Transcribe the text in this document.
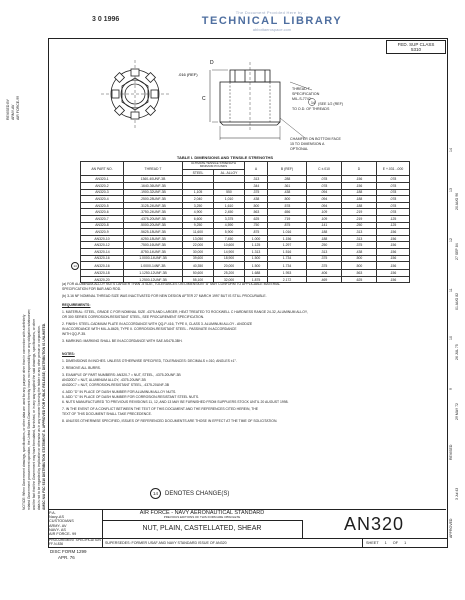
The Document Provided Here by ...
TECHNICAL LIBRARY
abbottaerospace.com
3 0 1996
NOTICE: When Government drawings, specifications, or other data are used for any purpose other than in connection with a definitely related Government procurement operation, the United States Government thereby incurs no responsibility nor any obligation whatsoever; and the fact that the Government may have formulated, furnished, or in any way supplied the said drawings, specifications, or other data is not to be regarded by implication or otherwise as in any manner licensing the holder or any other person or corporation. AMSC N/A FSC 5310 DISTRIBUTION STATEMENT A. APPROVED FOR PUBLIC RELEASE; DISTRIBUTION IS UNLIMITED.
REVISED BY ARMY-AV AIR FORCE-99
APPROVED
3 Jul 43
REVISED
29 MAY 72
26 JUL 75
01 AUG 82
27 SEP 84
20 AUG 96
9
10
11
12
13
14
FED. SUP CLASS
5310
D
.016 (REF)
C
14
THREAD T
SPECIFICATION
MIL-S-7742
(SEE 1/2 (REF)
TO O.D. OF THREADS
CHAMFER ON BOTTOM FACE
15 TO DIMENSION A
OPTIONAL
TABLE I. DIMENSIONS AND TENSILE STRENGTHS
	AN PART NO.	THREAD T	ULTIMATE TENSILE STRENGTH MINIMUM POUNDS		A	B (REF)	C ±.010	D	E +.031 -.000
			STEEL	AL. ALLOY					
	AN320-1	1360-40UNF-3B			.313	.288	.078	.156	.078
	AN320-2	.1640-36UNF-3B			.344	.361	.078	.156	.078
	AN320-3	.1900-32UNF-3B	1,105	550	.375	.438	.094	.188	.078
	AN320-4	.2500-28UNF-3B	2,040	1,010	.438	.500	.094	.188	.078
	AN320-5	.3125-24UNF-3B	3,250	1,610	.500	.578	.094	.188	.078
	AN320-6	.3750-24UNF-3B	4,900	2,450	.563	.656	.109	.219	.078
	AN320-7	.4375-20UNF-3B	6,600	3,375	.625	.719	.109	.219	.125
	AN320-8	.5000-20UNF-3B	9,250	4,590	.750	.875	.141	.250	.125
	AN320-9	.5625-18UNF-3B	11,600	5,900	.875	1.016	.188	.313	.156
	AN320-10	.6250-18UNF-3B	13,050	7,450	1.000	1.156	.188	.313	.156
	AN320-12	.7500-16UNF-3B	22,000	10,600	1.125	1.297	.250	.375	.156
	AN320-14	.8750-14UNF-3B	30,000	14,900	1.313	1.516	.313	.438	.156
	AN320-16	1.0000-14UNF-3B	39,600	18,900	1.500	1.734	.375	.500	.156
14	AN320-16	1.0000-14NF-3B	40,350	20,000	1.500	1.734	.375	.500	.156
	AN320-18	1.1250-12UNF-3B	50,600	25,200	1.688	1.953	.406	.563	.156
	AN320-20	1.2500-12UNF-3B	55,100	32,000	1.875	2.172	.469	.625	.156
(a) FOR ALUMINUM-ALLOY NUTS LARGER THAN -5 SIZE, TOLERANCES ON DIMENSION "A" MAY CONFORM TO APPLICABLE MATERIAL
SPECIFICATION FOR BAR AND ROD.
(b) 3-16 NF NOMINAL THREAD SIZE WAS INACTIVATED FOR NEW DESIGN AFTER 27 MARCH 1997 BUT IS STILL PROCURABLE.
REQUIREMENTS:
1. MATERIAL: STEEL, GRADE C FOR NOMINAL SIZE .4375 AND LARGER, HEAT TREATED TO ROCKWELL C HARDNESS RANGE 24-32, ALUMINUM ALLOY,
OR 300 SERIES CORROSION-RESISTANT STEEL, SEE PROCUREMENT SPECIFICATION.
2. FINISH: STEEL-CADMIUM PLATE IN ACCORDANCE WITH QQ-P-416, TYPE II, CLASS 3. ALUMINUM ALLOY - ANODIZE
IN ACCORDANCE WITH MIL-A-8625, TYPE II. CORROSION-RESISTANT STEEL - PASSIVATE IN ACCORDANCE
WITH QQ-P-35.
3. MARKING: MARKING SHALL BE IN ACCORDANCE WITH SAE AS478-3BH.
NOTES:
1. DIMENSIONS IN INCHES. UNLESS OTHERWISE SPECIFIED, TOLERANCES: DECIMALS ±.010, ANGLES ±1°.
2. REMOVE ALL BURRS.
3. EXAMPLE OF PART NUMBERS: AN320-7 = NUT, STEEL, .4375-20UNF-3B
AN320D7 = NUT, ALUMINUM ALLOY, .4375-20UNF-3B
AN320C7 = NUT, CORROSION-RESISTANT STEEL, .4375-20UNF-3B
4. ADD "D" IN PLACE OF DASH NUMBER FOR ALUMINUM ALLOY NUTS.
5. ADD "C" IN PLACE OF DASH NUMBER FOR CORROSION-RESISTANT STEEL NUTS.
6. NUTS MANUFACTURED TO PREVIOUS REVISIONS 11, 12, AND 13 MAY BE FURNISHED FROM SUPPLIERS STOCK UNTIL 20 AUGUST 1998.
7. IN THE EVENT OF A CONFLICT BETWEEN THE TEXT OF THIS DOCUMENT AND THE REFERENCES CITED HEREIN, THE
TEXT OF THIS DOCUMENT SHALL TAKE PRECEDENCE.
8. UNLESS OTHERWISE SPECIFIED, ISSUES OF REFERENCED DOCUMENTS ARE THOSE IN EFFECT AT THE TIME OF SOLICITATION.
14	DENOTES CHANGE(S)
P.A.
Navy-AS
CUSTODIANS
ARMY- AV
NAVY- AS
AIR FORCE- 99
AIR FORCE - NAVY AERONAUTICAL STANDARD
PREVIOUS EDITIONS OF THIS FORM ARE OBSOLETE
NUT, PLAIN, CASTELLATED, SHEAR	AN320
PROCUREMENT SPECIFICATION
FF-N-836	SUPERSEDES: FORMER USAF AND NAVY STANDARD ISSUE OF AN320	SHEET 1 OF 1
DISC FORM 1299
APR. 76
